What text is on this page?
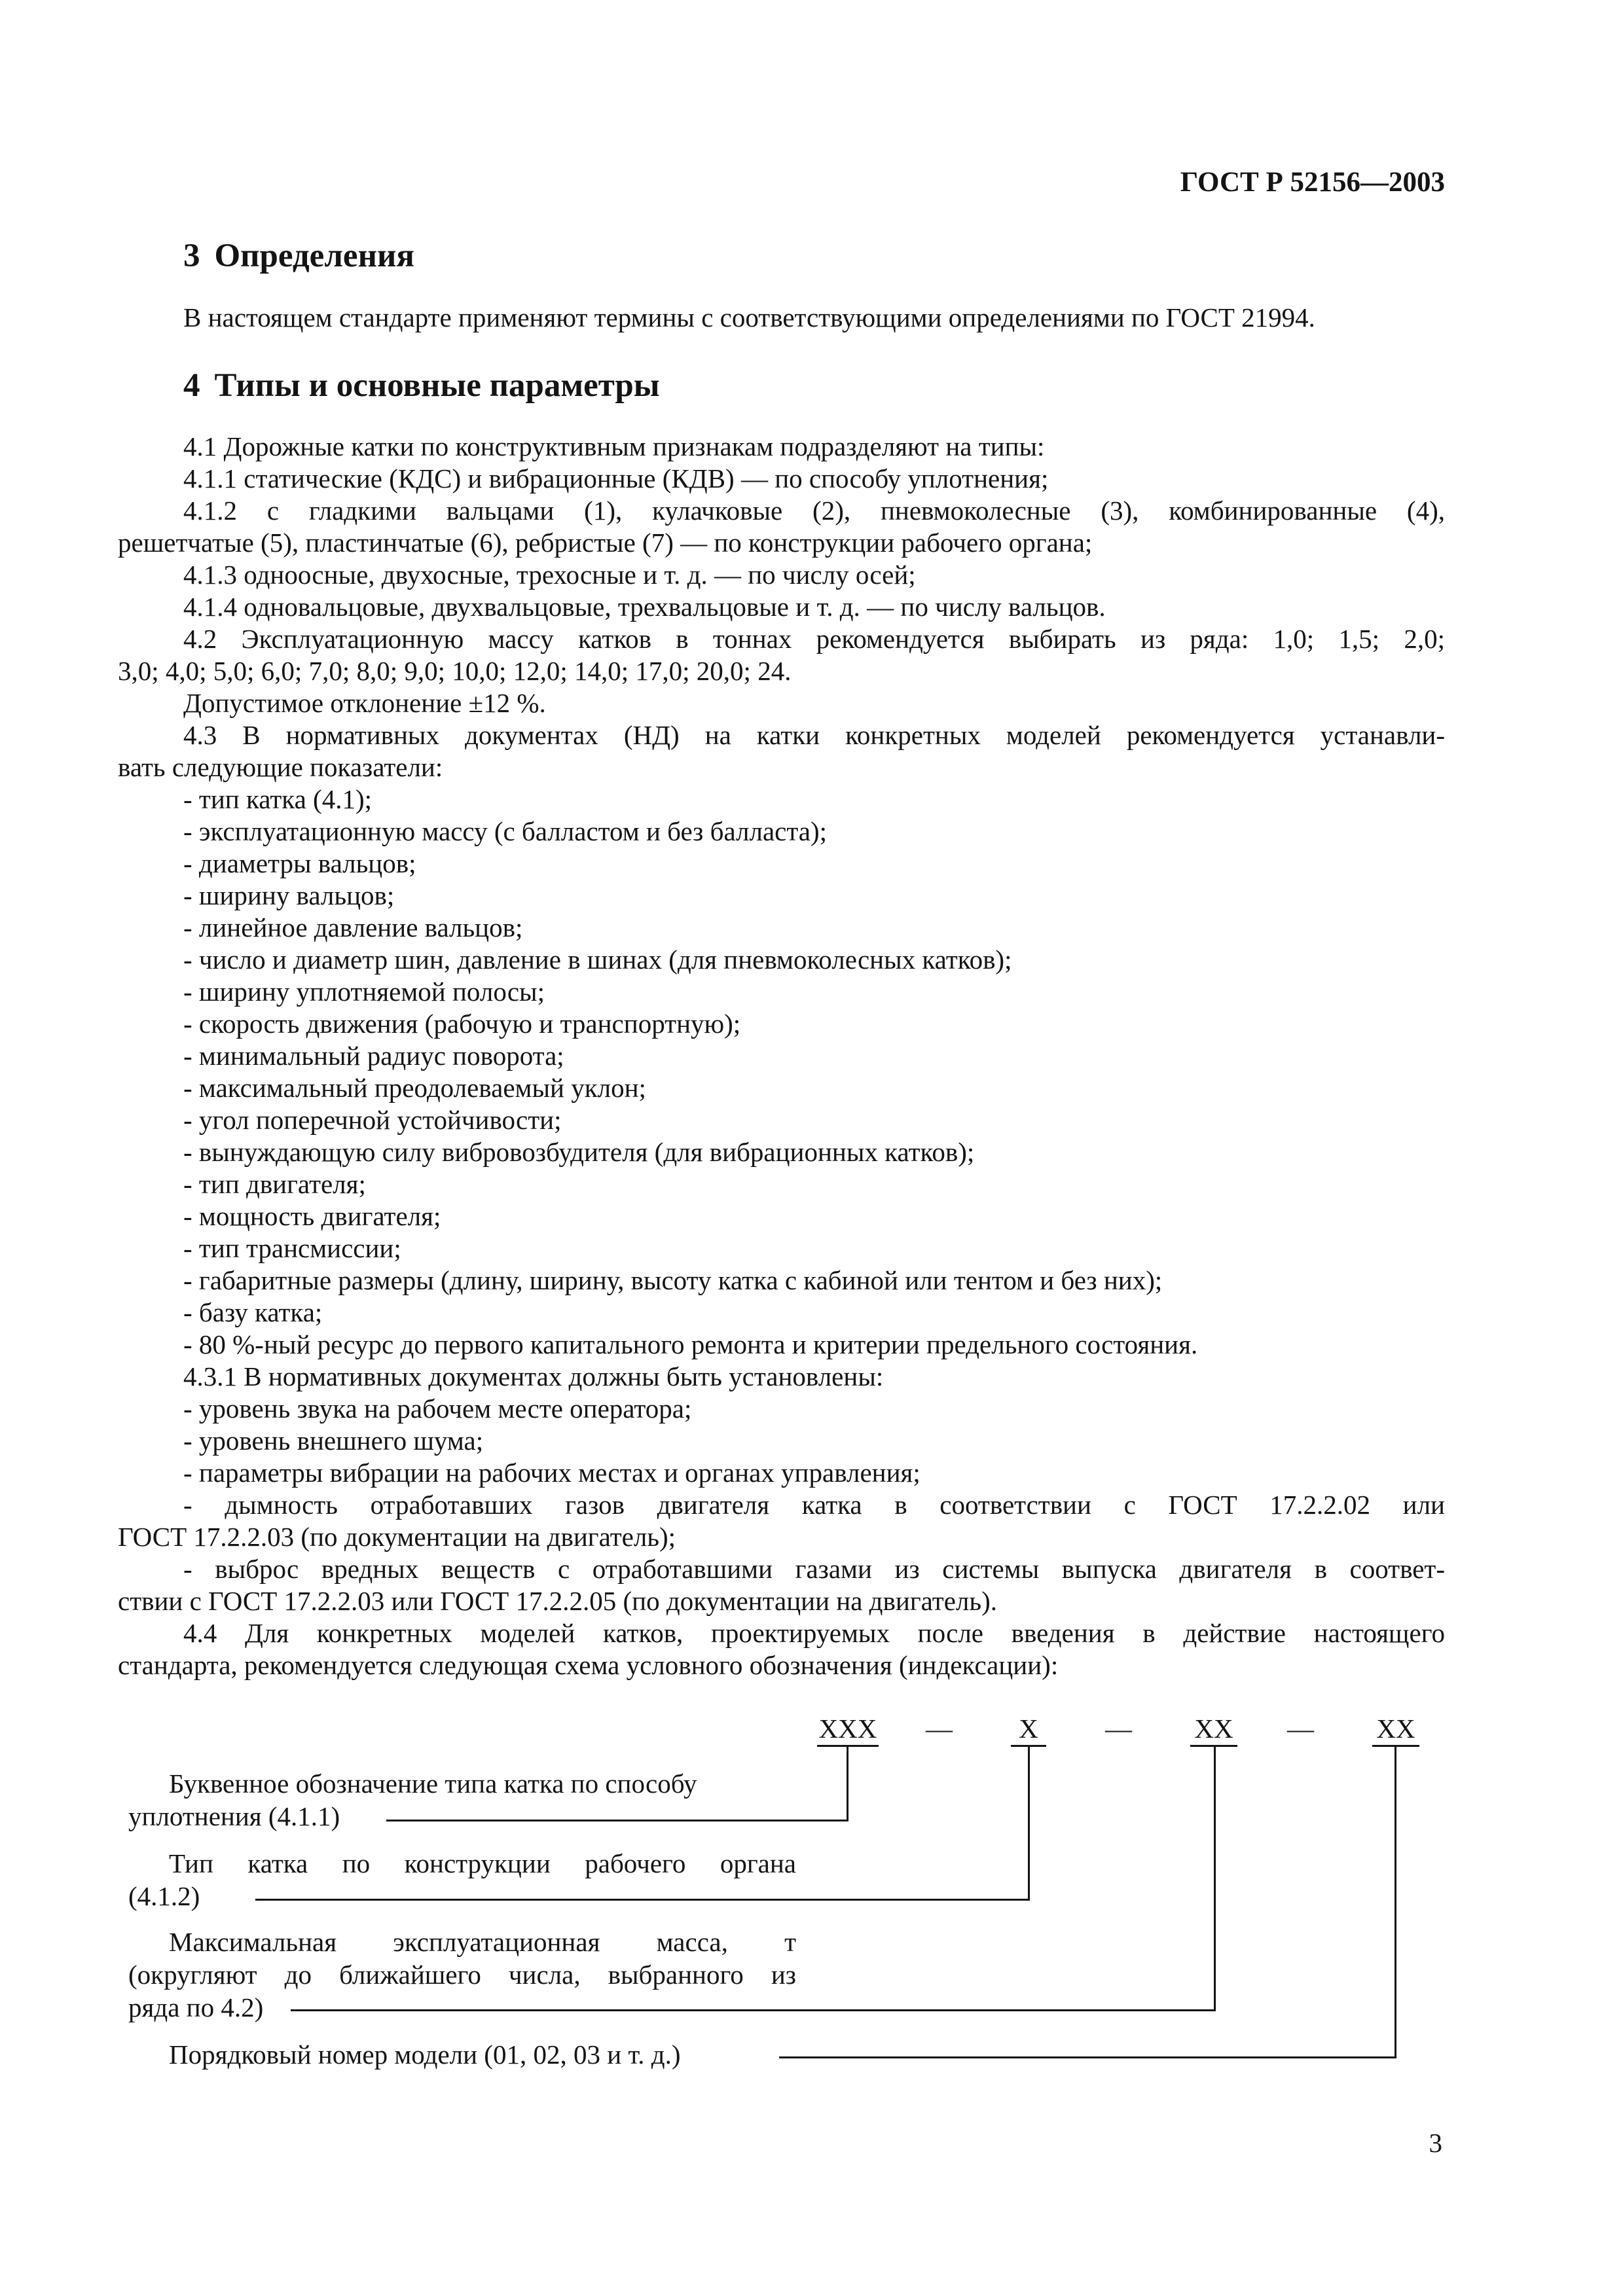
ГОСТ Р 52156—2003

3 Определения

В настоящем стандарте применяют термины с соответствующими определениями по ГОСТ 21994.

4 Типы и основные параметры

4.1 Дорожные катки по конструктивным признакам подразделяют на типы:

4.1.1 статические (КДС) и вибрационные (КДВ) — по способу уплотнения;

4.1.2 с гладкими вальцами (1), кулачковые (2), пневмоколесные (3), комбинированные (4),

решетчатые (5), пластинчатые (6), ребристые (7) — по конструкции рабочего органа;

4.1.3 одноосные, двухосные, трехосные и т. д. — по числу осей;

4.1.4 одновальцовые, двухвальцовые, трехвальцовые и т. д. — по числу вальцов.

4.2 Эксплуатационную массу катков в тоннах рекомендуется выбирать из ряда: 1,0; 1,5; 2,0;

3,0; 4,0; 5,0; 6,0; 7,0; 8,0; 9,0; 10,0; 12,0; 14,0; 17,0; 20,0; 24.

Допустимое отклонение ±12 %.

4.3 В нормативных документах (НД) на катки конкретных моделей рекомендуется устанавли-

вать следующие показатели:

- тип катка (4.1);

- эксплуатационную массу (с балластом и без балласта);

- диаметры вальцов;

- ширину вальцов;

- линейное давление вальцов;

- число и диаметр шин, давление в шинах (для пневмоколесных катков);

- ширину уплотняемой полосы;

- скорость движения (рабочую и транспортную);

- минимальный радиус поворота;

- максимальный преодолеваемый уклон;

- угол поперечной устойчивости;

- вынуждающую силу вибровозбудителя (для вибрационных катков);

- тип двигателя;

- мощность двигателя;

- тип трансмиссии;

- габаритные размеры (длину, ширину, высоту катка с кабиной или тентом и без них);

- базу катка;

- 80 %-ный ресурс до первого капитального ремонта и критерии предельного состояния.

4.3.1 В нормативных документах должны быть установлены:

- уровень звука на рабочем месте оператора;

- уровень внешнего шума;

- параметры вибрации на рабочих местах и органах управления;

- дымность отработавших газов двигателя катка в соответствии с ГОСТ 17.2.2.02 или

ГОСТ 17.2.2.03 (по документации на двигатель);

- выброс вредных веществ с отработавшими газами из системы выпуска двигателя в соответ-

ствии с ГОСТ 17.2.2.03 или ГОСТ 17.2.2.05 (по документации на двигатель).

4.4 Для конкретных моделей катков, проектируемых после введения в действие настоящего

стандарта, рекомендуется следующая схема условного обозначения (индексации):

XXX — X — XX — XX
Буквенное обозначение типа катка по способу
уплотнения (4.1.1)
Тип катка по конструкции рабочего органа
(4.1.2)
Максимальная эксплуатационная масса, т
(округляют до ближайшего числа, выбранного из
ряда по 4.2)
Порядковый номер модели (01, 02, 03 и т. д.)

3
